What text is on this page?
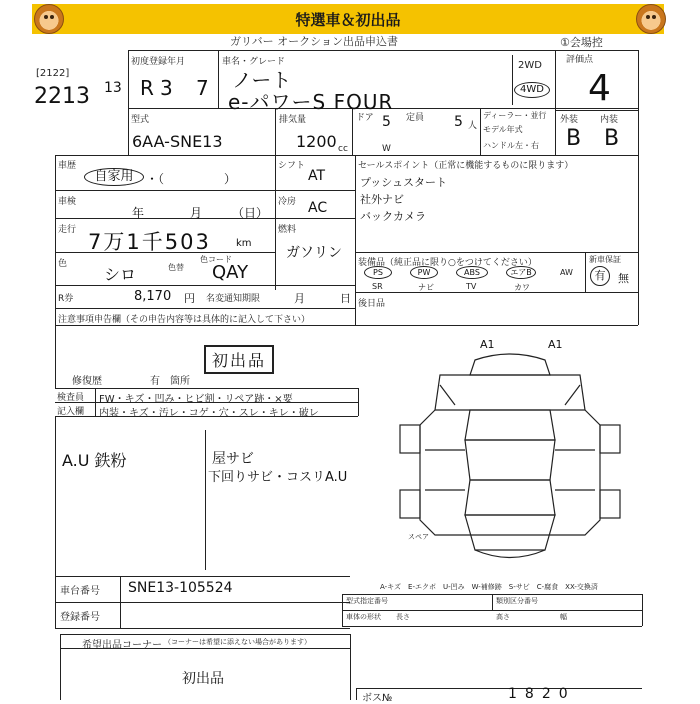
特選車＆初出品
ガリバー オークション出品申込書	①会場控
[2122]
2213 13
初度登録年月
R 3 7
車名・グレード
ノート
e-パワーS FOUR
2WD
4WD
評価点
4
型式
6AA-SNE13
排気量
1200 cc
ドア 5 定員 5 人
W
ディーラー・並行
モデル年式
ハンドル 左・右
外装 内装
B B
車歴
自家用	・（　　　　　）
車検
年	月 （日）
走行 7万1千503	km
色
シロ	色替
色コード
QAY
R券	8,170 円 名変通知期限	月	日
シフト
AT
冷房 AC
燃料
ガソリン
セールスポイント（正常に機能するものに限ります）
プッシュスタート
社外ナビ
バックカメラ
装備品（純正品に限り○をつけてください）
PS	PW	ABS	エアB	AW
SR	ナビ	TV	カワ
新車保証
有	無
後日品
注意事項申告欄（その申告内容等は具体的に記入して下さい）
初出品
修復歴	有　箇所
検査員
記入欄
FW・キズ・凹み・ヒビ割・リペア跡・×要
内装・キズ・汚レ・コゲ・穴・スレ・キレ・破レ
A.U 鉄粉	屋サビ
下回りサビ・コスリA.U
A1	A1
スペア
A-キズ　E-エクボ　U-凹み　W-補修跡　S-サビ　C-腐食　XX-交換済
車台番号 SNE13-105524
登録番号
型式指定番号	類別区分番号
車体の形状 長さ	高さ	幅
希望出品コーナー （コーナーは希望に添えない場合があります）
初出品
ボス№	1820
